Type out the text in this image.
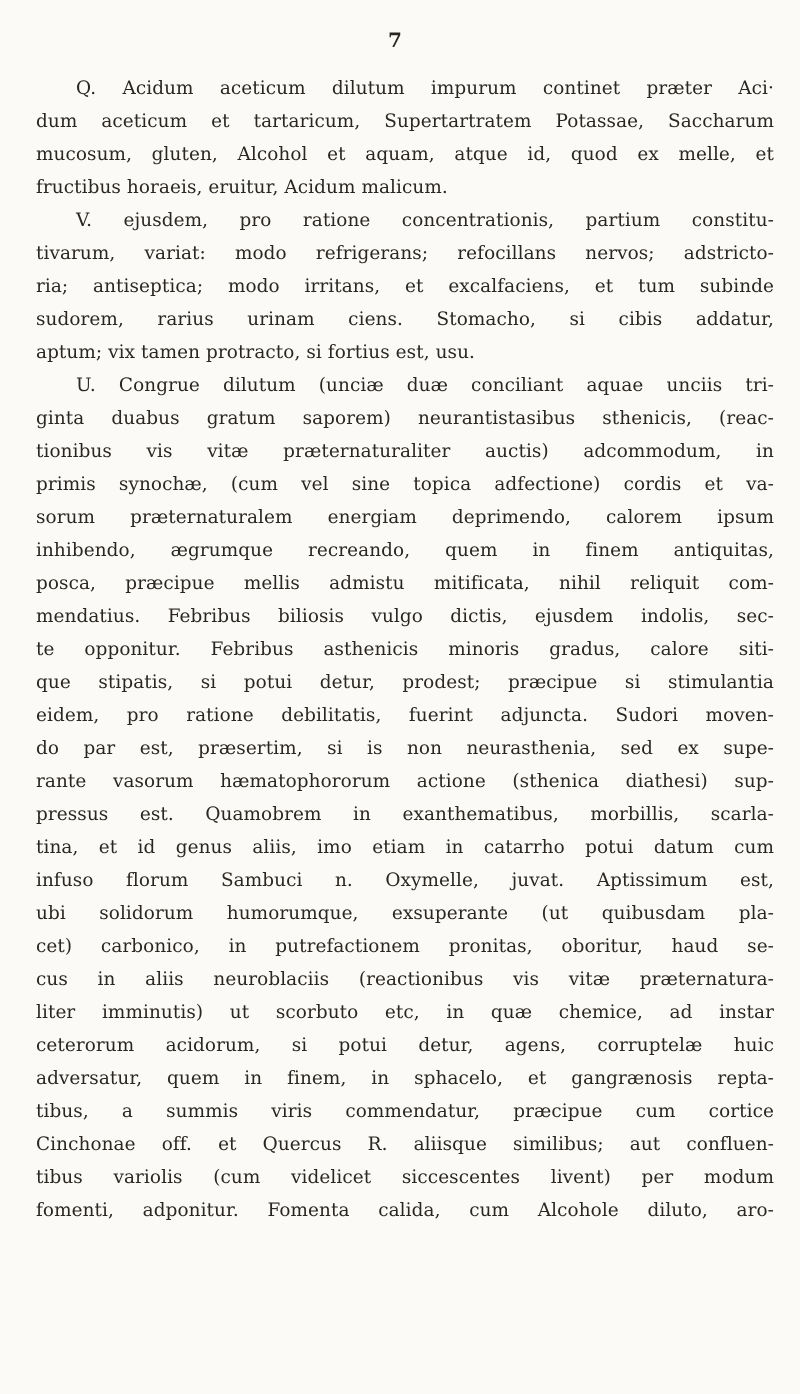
7
Q. Acidum aceticum dilutum impurum continet præter Aci·
dum aceticum et tartaricum, Supertartratem Potassae, Saccharum
mucosum, gluten, Alcohol et aquam, atque id, quod ex melle, et
fructibus horaeis, eruitur, Acidum malicum.
V. ejusdem, pro ratione concentrationis, partium constitu-
tivarum, variat: modo refrigerans; refocillans nervos; adstricto-
ria; antiseptica; modo irritans, et excalfaciens, et tum subinde
sudorem, rarius urinam ciens. Stomacho, si cibis addatur,
aptum; vix tamen protracto, si fortius est, usu.
U. Congrue dilutum (unciæ duæ conciliant aquae unciis tri-
ginta duabus gratum saporem) neurantistasibus sthenicis, (reac-
tionibus vis vitæ præternaturaliter auctis) adcommodum, in
primis synochæ, (cum vel sine topica adfectione) cordis et va-
sorum præternaturalem energiam deprimendo, calorem ipsum
inhibendo, ægrumque recreando, quem in finem antiquitas,
posca, præcipue mellis admistu mitificata, nihil reliquit com-
mendatius. Febribus biliosis vulgo dictis, ejusdem indolis, sec-
te opponitur. Febribus asthenicis minoris gradus, calore siti-
que stipatis, si potui detur, prodest; præcipue si stimulantia
eidem, pro ratione debilitatis, fuerint adjuncta. Sudori moven-
do par est, præsertim, si is non neurasthenia, sed ex supe-
rante vasorum hæmatophororum actione (sthenica diathesi) sup-
pressus est. Quamobrem in exanthematibus, morbillis, scarla-
tina, et id genus aliis, imo etiam in catarrho potui datum cum
infuso florum Sambuci n. Oxymelle, juvat. Aptissimum est,
ubi solidorum humorumque, exsuperante (ut quibusdam pla-
cet) carbonico, in putrefactionem pronitas, oboritur, haud se-
cus in aliis neuroblaciis (reactionibus vis vitæ præternatura-
liter imminutis) ut scorbuto etc, in quæ chemice, ad instar
ceterorum acidorum, si potui detur, agens, corruptelæ huic
adversatur, quem in finem, in sphacelo, et gangrænosis repta-
tibus, a summis viris commendatur, præcipue cum cortice
Cinchonae off. et Quercus R. aliisque similibus; aut confluen-
tibus variolis (cum videlicet siccescentes livent) per modum
fomenti, adponitur. Fomenta calida, cum Alcohole diluto, aro-
